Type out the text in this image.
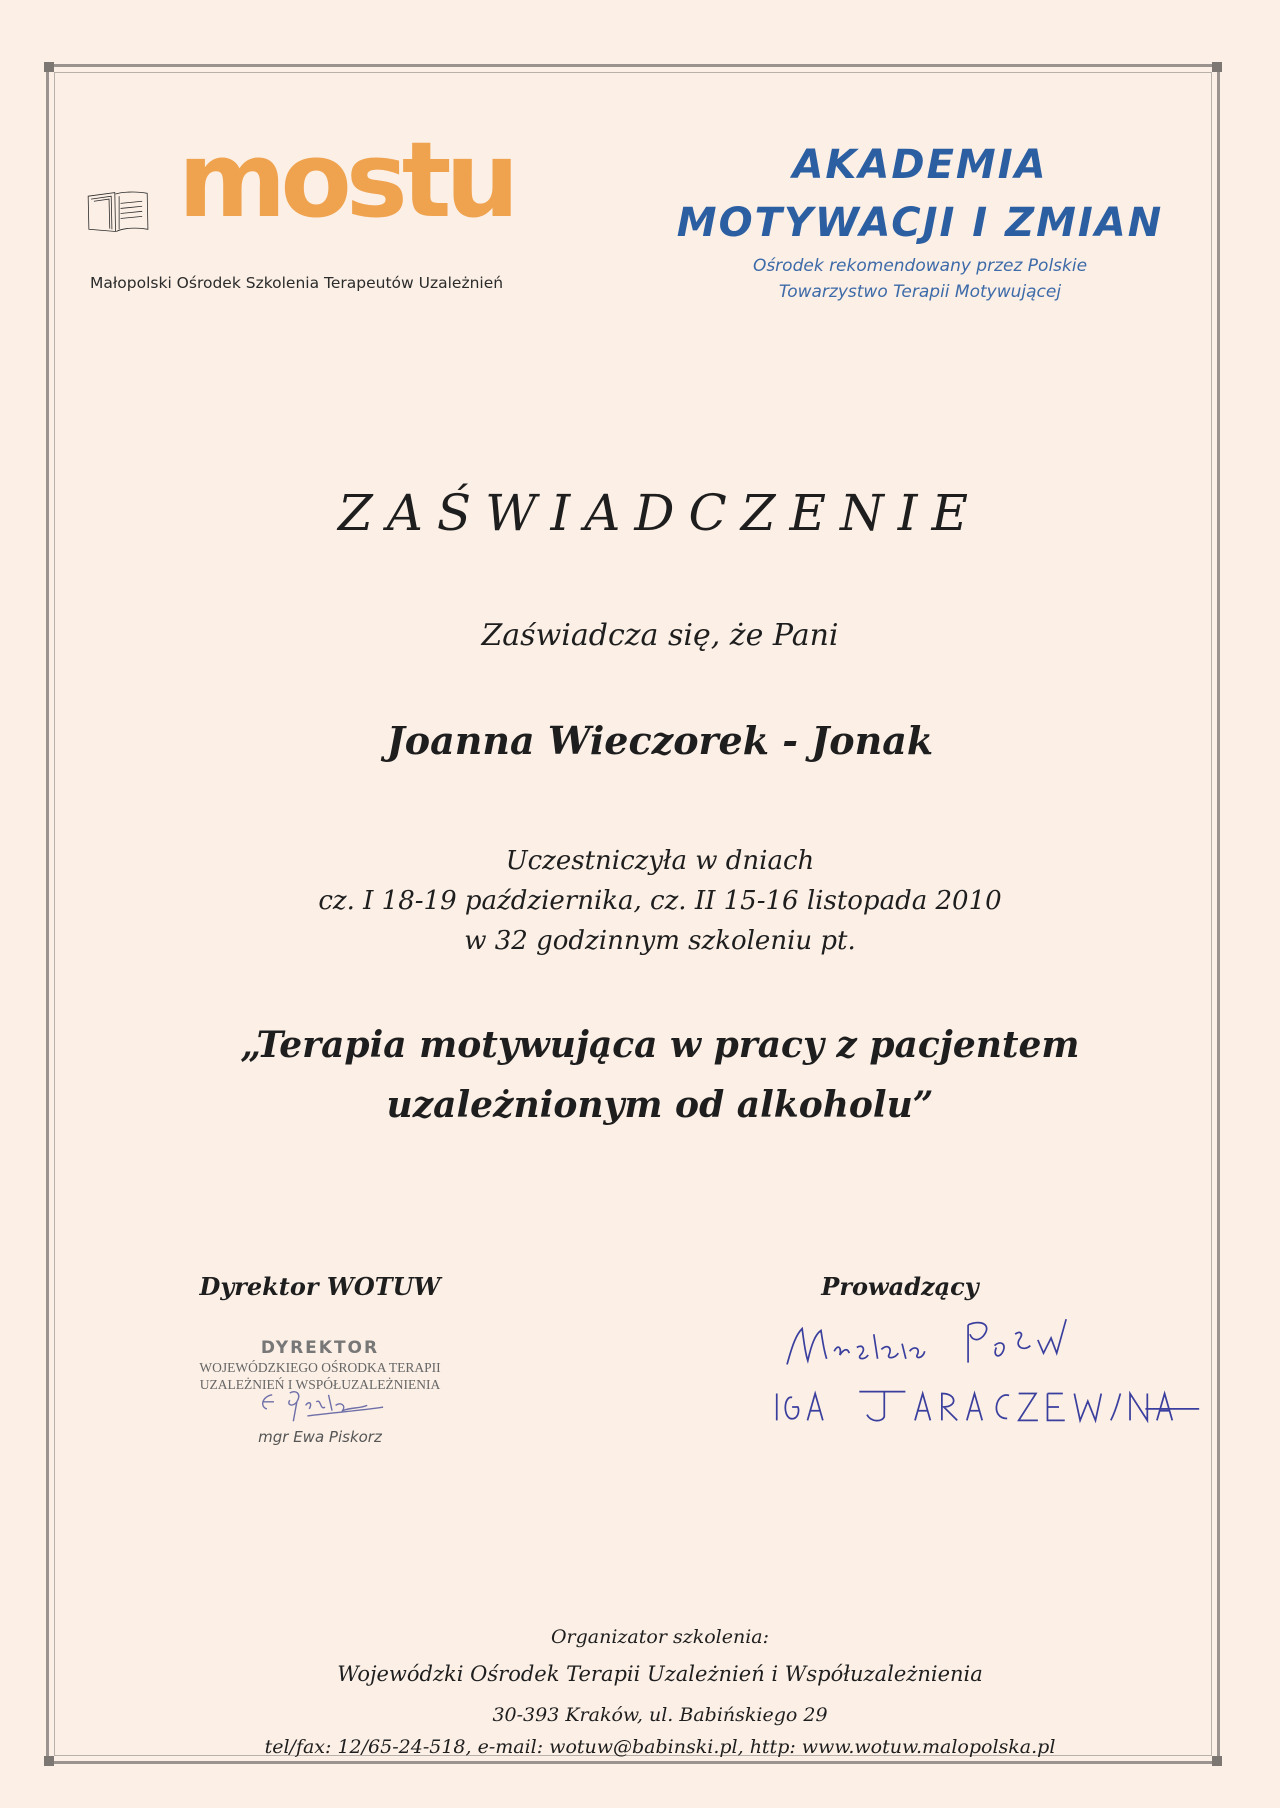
mostu
Małopolski Ośrodek Szkolenia Terapeutów Uzależnień
AKADEMIA
MOTYWACJI I ZMIAN
Ośrodek rekomendowany przez Polskie
Towarzystwo Terapii Motywującej
ZAŚWIADCZENIE
Zaświadcza się, że Pani
Joanna Wieczorek - Jonak
Uczestniczyła w dniach
cz. I 18-19 października, cz. II 15-16 listopada 2010
w 32 godzinnym szkoleniu pt.
„Terapia motywująca w pracy z pacjentem
uzależnionym od alkoholu”
Dyrektor WOTUW
DYREKTOR
WOJEWÓDZKIEGO OŚRODKA TERAPII
UZALEŻNIEŃ I WSPÓŁUZALEŻNIENIA
mgr Ewa Piskorz
Prowadzący
Organizator szkolenia:
Wojewódzki Ośrodek Terapii Uzależnień i Współuzależnienia
30-393 Kraków, ul. Babińskiego 29
tel/fax: 12/65-24-518, e-mail: wotuw@babinski.pl, http: www.wotuw.malopolska.pl
